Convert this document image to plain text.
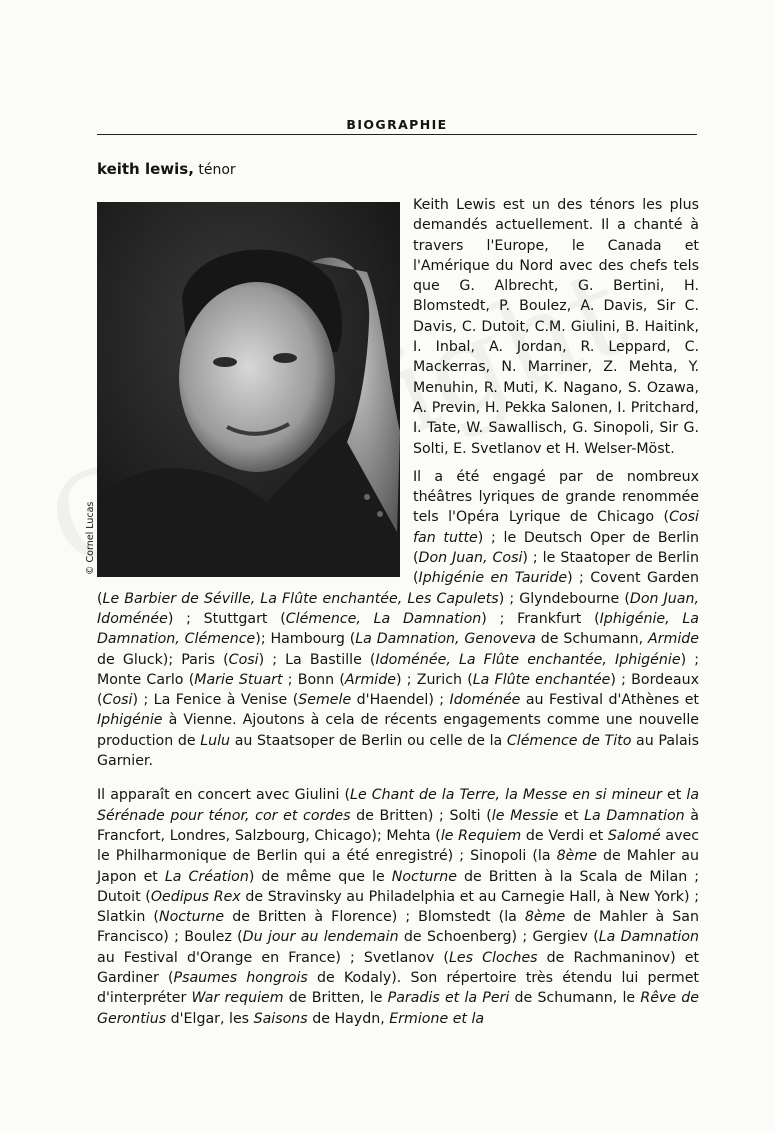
BIOGRAPHIE
keith lewis, ténor
© Cornel Lucas

Keith Lewis est un des ténors les plus demandés actuellement. Il a chanté à travers l'Europe, le Canada et l'Amérique du Nord avec des chefs tels que G. Albrecht, G. Bertini, H. Blomstedt, P. Boulez, A. Davis, Sir C. Davis, C. Dutoit, C.M. Giulini, B. Haitink, I. Inbal, A. Jordan, R. Leppard, C. Mackerras, N. Marriner, Z. Mehta, Y. Menuhin, R. Muti, K. Nagano, S. Ozawa, A. Previn, H. Pekka Salonen, I. Pritchard, I. Tate, W. Sawallisch, G. Sinopoli, Sir G. Solti, E. Svetlanov et H. Welser-Möst.

Il a été engagé par de nombreux théâtres lyriques de grande renommée tels l'Opéra Lyrique de Chicago (Cosi fan tutte) ; le Deutsch Oper de Berlin (Don Juan, Cosi) ; le Staatoper de Berlin (Iphigénie en Tauride) ; Covent Garden (Le Barbier de Séville, La Flûte enchantée, Les Capulets) ; Glyndebourne (Don Juan, Idoménée) ; Stuttgart (Clémence, La Damnation) ; Frankfurt (Iphigénie, La Damnation, Clémence); Hambourg (La Damnation, Genoveva de Schumann, Armide de Gluck); Paris (Cosi) ; La Bastille (Idoménée, La Flûte enchantée, Iphigénie) ; Monte Carlo (Marie Stuart ; Bonn (Armide) ; Zurich (La Flûte enchantée) ; Bordeaux (Cosi) ; La Fenice à Venise (Semele d'Haendel) ; Idoménée au Festival d'Athènes et Iphigénie à Vienne. Ajoutons à cela de récents engagements comme une nouvelle production de Lulu au Staatsoper de Berlin ou celle de la Clémence de Tito au Palais Garnier.

Il apparaît en concert avec Giulini (Le Chant de la Terre, la Messe en si mineur et la Sérénade pour ténor, cor et cordes de Britten) ; Solti (le Messie et La Damnation à Francfort, Londres, Salzbourg, Chicago); Mehta (le Requiem de Verdi et Salomé avec le Philharmonique de Berlin qui a été enregistré) ; Sinopoli (la 8ème de Mahler au Japon et La Création) de même que le Nocturne de Britten à la Scala de Milan ; Dutoit (Oedipus Rex de Stravinsky au Philadelphia et au Carnegie Hall, à New York) ; Slatkin (Nocturne de Britten à Florence) ; Blomstedt (la 8ème de Mahler à San Francisco) ; Boulez (Du jour au lendemain de Schoenberg) ; Gergiev (La Damnation au Festival d'Orange en France) ; Svetlanov (Les Cloches de Rachmaninov) et Gardiner (Psaumes hongrois de Kodaly). Son répertoire très étendu lui permet d'interpréter War requiem de Britten, le Paradis et la Peri de Schumann, le Rêve de Gerontius d'Elgar, les Saisons de Haydn, Ermione et la
